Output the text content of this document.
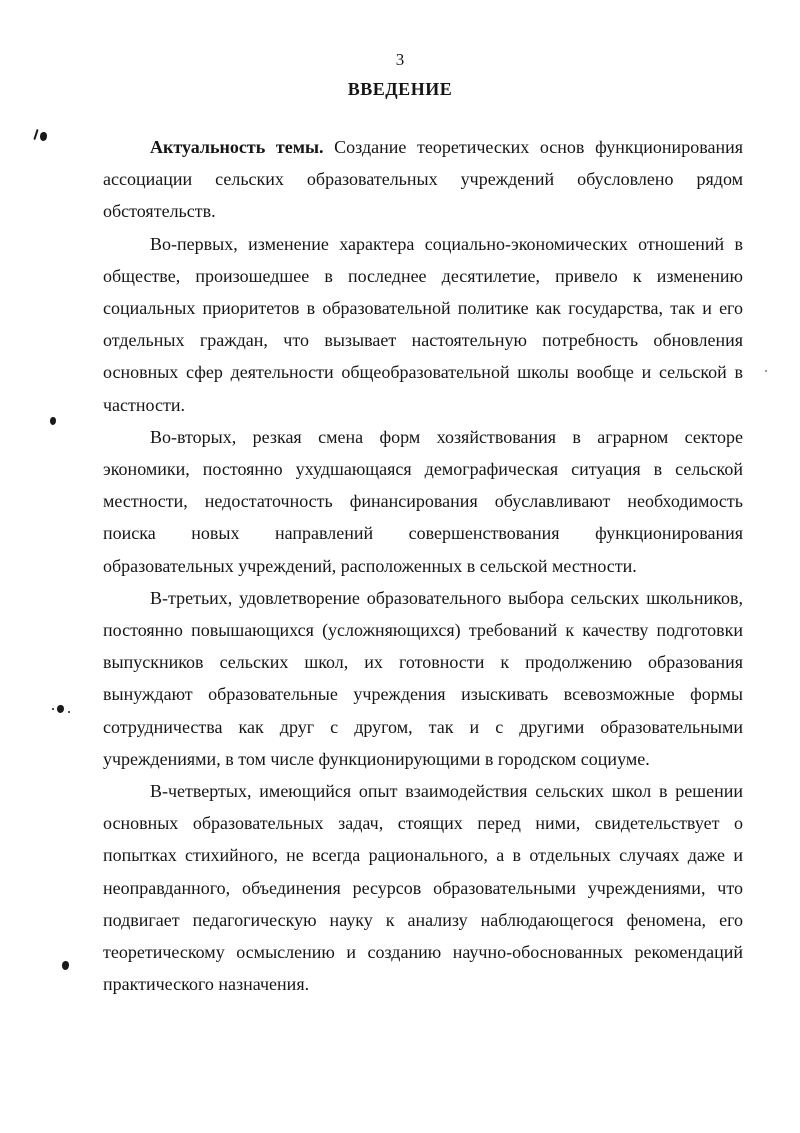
3
ВВЕДЕНИЕ

Актуальность темы. Создание теоретических основ функционирования ассоциации сельских образовательных учреждений обусловлено рядом обстоятельств.

Во-первых, изменение характера социально-экономических отношений в обществе, произошедшее в последнее десятилетие, привело к изменению социальных приоритетов в образовательной политике как государства, так и его отдельных граждан, что вызывает настоятельную потребность обновления основных сфер деятельности общеобразовательной школы вообще и сельской в частности.

Во-вторых, резкая смена форм хозяйствования в аграрном секторе экономики, постоянно ухудшающаяся демографическая ситуация в сельской местности, недостаточность финансирования обуславливают необходимость поиска новых направлений совершенствования функционирования образовательных учреждений, расположенных в сельской местности.

В-третьих, удовлетворение образовательного выбора сельских школьников, постоянно повышающихся (усложняющихся) требований к качеству подготовки выпускников сельских школ, их готовности к продолжению образования вынуждают образовательные учреждения изыскивать всевозможные формы сотрудничества как друг с другом, так и с другими образовательными учреждениями, в том числе функционирующими в городском социуме.

В-четвертых, имеющийся опыт взаимодействия сельских школ в решении основных образовательных задач, стоящих перед ними, свидетельствует о попытках стихийного, не всегда рационального, а в отдельных случаях даже и неоправданного, объединения ресурсов образовательными учреждениями, что подвигает педагогическую науку к анализу наблюдающегося феномена, его теоретическому осмыслению и созданию научно-обоснованных рекомендаций практического назначения.
